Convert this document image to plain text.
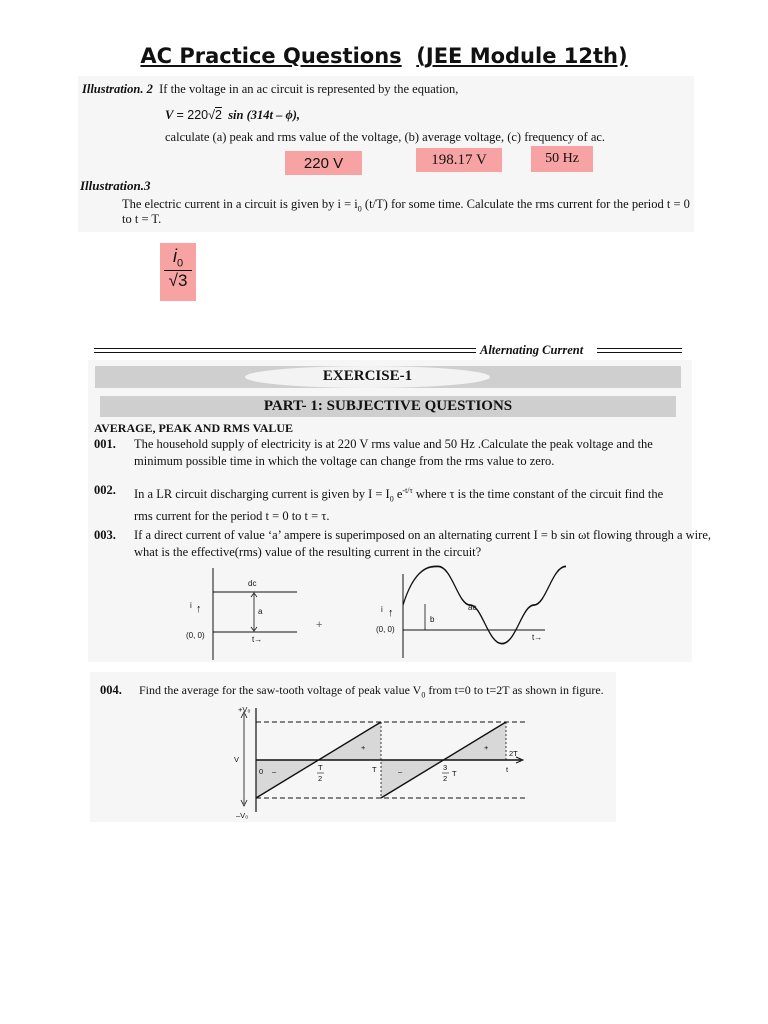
AC Practice Questions (JEE Module 12th)
Illustration. 2 If the voltage in an ac circuit is represented by the equation,
V = 220√2 sin (314t – ϕ),
calculate (a) peak and rms value of the voltage, (b) average voltage, (c) frequency of ac.
220 V	198.17 V	50 Hz
Illustration.3
The electric current in a circuit is given by $i = i_0$ (t/T) for some time. Calculate the rms current for the period t = 0
to t = T.
$i_0$
√3
Alternating Current
EXERCISE-1
PART- 1: SUBJECTIVE QUESTIONS
AVERAGE, PEAK AND RMS VALUE
001. The household supply of electricity is at 220 V rms value and 50 Hz .Calculate the peak voltage and the
minimum possible time in which the voltage can change from the rms value to zero.
002. In a LR circuit discharging current is given by $I = I_0$ $e^{-t/\tau}$ where τ is the time constant of the circuit find the
rms current for the period t = 0 to t = τ.
003. If a direct current of value ‘a’ ampere is superimposed on an alternating current I = b sin ωt flowing through a wire,
what is the effective(rms) value of the resulting current in the circuit?
dc
a
i ↑
(0, 0)	t→
+
i ↑
(0, 0)
b
ac
t→
004. Find the average for the saw-tooth voltage of peak value $V_0$ from t=0 to t=2T as shown in figure.
+V₀
–V₀
V
0 –
+
–
+
T
2
T	3
2
T
2T
t
